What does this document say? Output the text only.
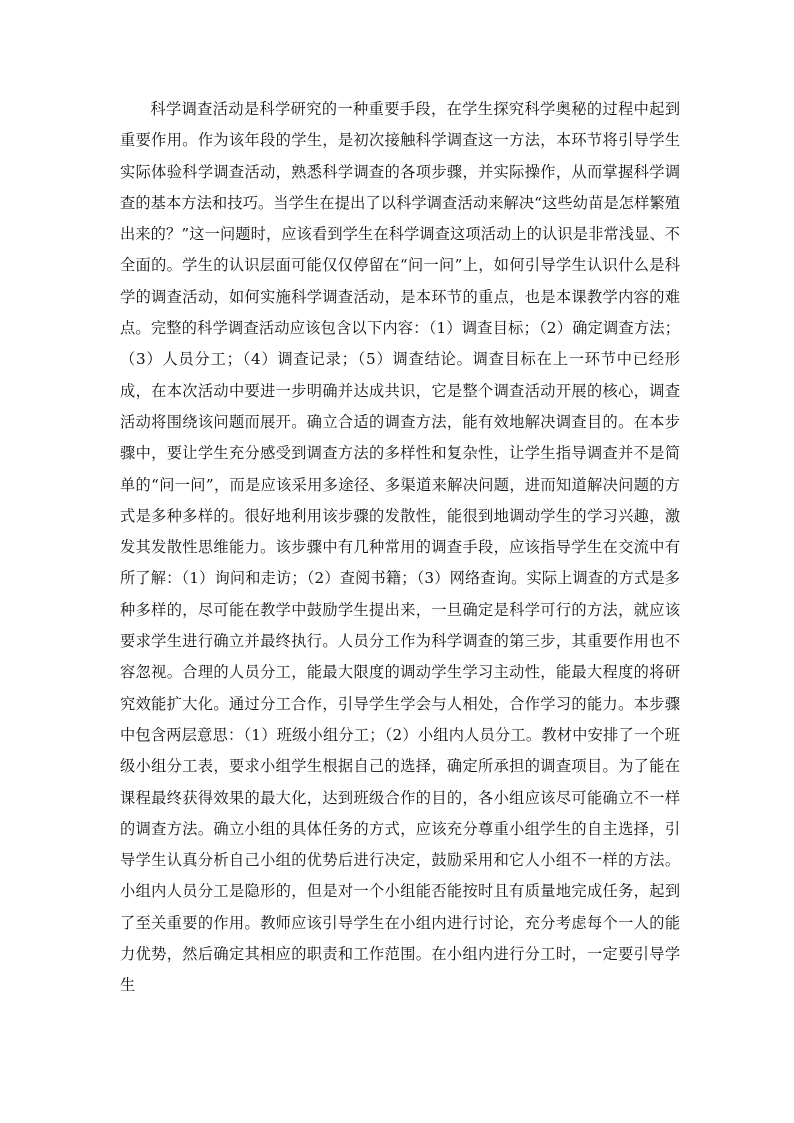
科学调查活动是科学研究的一种重要手段，在学生探究科学奥秘的过程中起到重要作用。作为该年段的学生，是初次接触科学调查这一方法，本环节将引导学生实际体验科学调查活动，熟悉科学调查的各项步骤，并实际操作，从而掌握科学调查的基本方法和技巧。当学生在提出了以科学调查活动来解决“这些幼苗是怎样繁殖出来的？”这一问题时，应该看到学生在科学调查这项活动上的认识是非常浅显、不全面的。学生的认识层面可能仅仅停留在“问一问”上，如何引导学生认识什么是科学的调查活动，如何实施科学调查活动，是本环节的重点，也是本课教学内容的难点。完整的科学调查活动应该包含以下内容：（1）调查目标；（2）确定调查方法；（3）人员分工；（4）调查记录；（5）调查结论。调查目标在上一环节中已经形成，在本次活动中要进一步明确并达成共识，它是整个调查活动开展的核心，调查活动将围绕该问题而展开。确立合适的调查方法，能有效地解决调查目的。在本步骤中，要让学生充分感受到调查方法的多样性和复杂性，让学生指导调查并不是简单的“问一问”，而是应该采用多途径、多渠道来解决问题，进而知道解决问题的方式是多种多样的。很好地利用该步骤的发散性，能很到地调动学生的学习兴趣，激发其发散性思维能力。该步骤中有几种常用的调查手段，应该指导学生在交流中有所了解：（1）询问和走访；（2）查阅书籍；（3）网络查询。实际上调查的方式是多种多样的，尽可能在教学中鼓励学生提出来，一旦确定是科学可行的方法，就应该要求学生进行确立并最终执行。人员分工作为科学调查的第三步，其重要作用也不容忽视。合理的人员分工，能最大限度的调动学生学习主动性，能最大程度的将研究效能扩大化。通过分工合作，引导学生学会与人相处，合作学习的能力。本步骤中包含两层意思：（1）班级小组分工；（2）小组内人员分工。教材中安排了一个班级小组分工表，要求小组学生根据自己的选择，确定所承担的调查项目。为了能在课程最终获得效果的最大化，达到班级合作的目的，各小组应该尽可能确立不一样的调查方法。确立小组的具体任务的方式，应该充分尊重小组学生的自主选择，引导学生认真分析自己小组的优势后进行决定，鼓励采用和它人小组不一样的方法。小组内人员分工是隐形的，但是对一个小组能否能按时且有质量地完成任务，起到了至关重要的作用。教师应该引导学生在小组内进行讨论，充分考虑每个一人的能力优势，然后确定其相应的职责和工作范围。在小组内进行分工时，一定要引导学生
